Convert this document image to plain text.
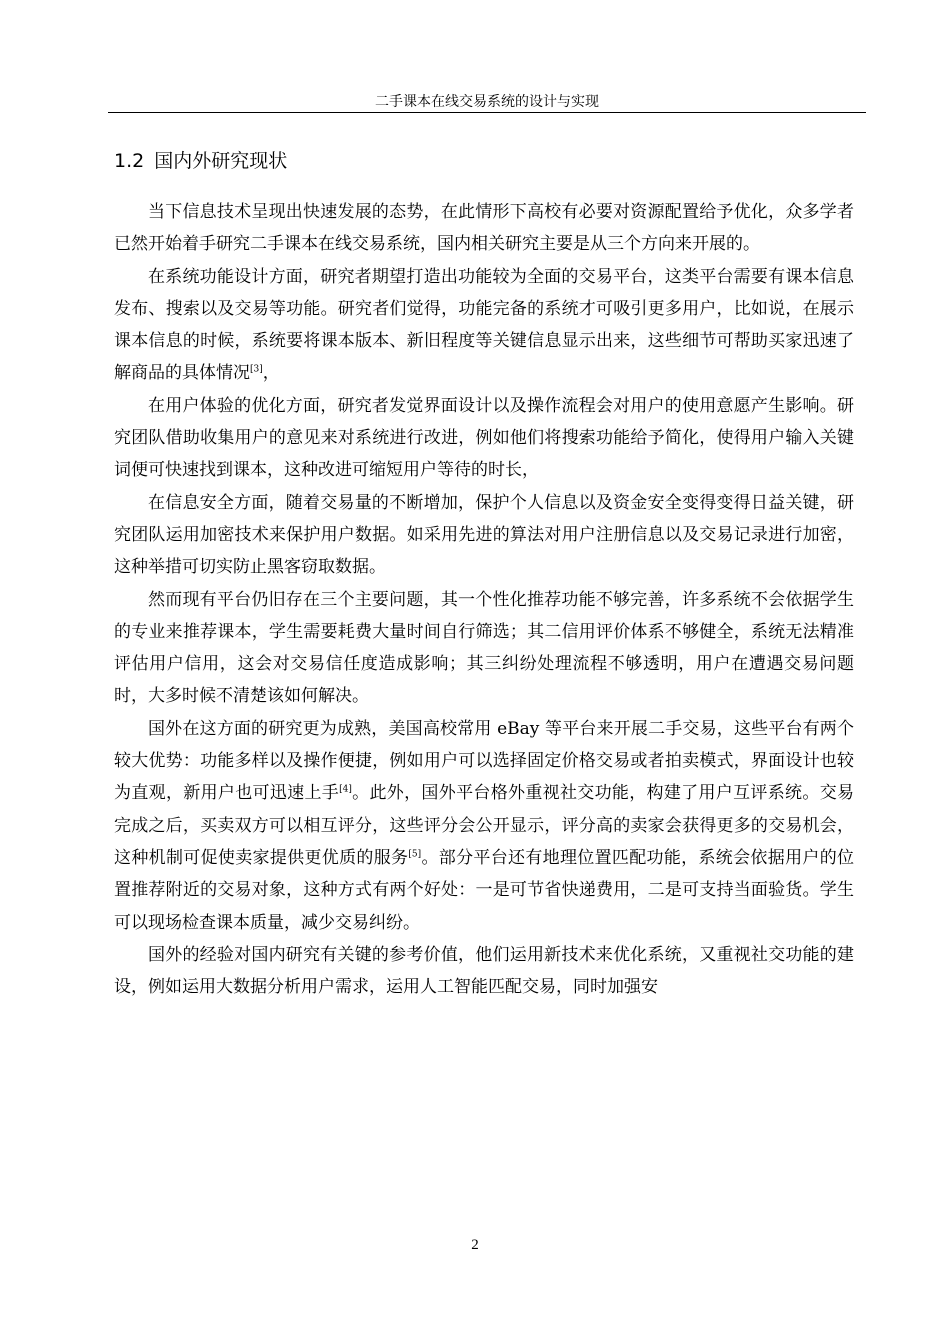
二手课本在线交易系统的设计与实现
1.2 国内外研究现状

当下信息技术呈现出快速发展的态势，在此情形下高校有必要对资源配置给予优化，众多学者已然开始着手研究二手课本在线交易系统，国内相关研究主要是从三个方向来开展的。

在系统功能设计方面，研究者期望打造出功能较为全面的交易平台，这类平台需要有课本信息发布、搜索以及交易等功能。研究者们觉得，功能完备的系统才可吸引更多用户，比如说，在展示课本信息的时候，系统要将课本版本、新旧程度等关键信息显示出来，这些细节可帮助买家迅速了解商品的具体情况[3]，

在用户体验的优化方面，研究者发觉界面设计以及操作流程会对用户的使用意愿产生影响。研究团队借助收集用户的意见来对系统进行改进，例如他们将搜索功能给予简化，使得用户输入关键词便可快速找到课本，这种改进可缩短用户等待的时长，

在信息安全方面，随着交易量的不断增加，保护个人信息以及资金安全变得变得日益关键，研究团队运用加密技术来保护用户数据。如采用先进的算法对用户注册信息以及交易记录进行加密，这种举措可切实防止黑客窃取数据。

然而现有平台仍旧存在三个主要问题，其一个性化推荐功能不够完善，许多系统不会依据学生的专业来推荐课本，学生需要耗费大量时间自行筛选；其二信用评价体系不够健全，系统无法精准评估用户信用，这会对交易信任度造成影响；其三纠纷处理流程不够透明，用户在遭遇交易问题时，大多时候不清楚该如何解决。

国外在这方面的研究更为成熟，美国高校常用 eBay 等平台来开展二手交易，这些平台有两个较大优势：功能多样以及操作便捷，例如用户可以选择固定价格交易或者拍卖模式，界面设计也较为直观，新用户也可迅速上手[4]。此外，国外平台格外重视社交功能，构建了用户互评系统。交易完成之后，买卖双方可以相互评分，这些评分会公开显示，评分高的卖家会获得更多的交易机会，这种机制可促使卖家提供更优质的服务[5]。部分平台还有地理位置匹配功能，系统会依据用户的位置推荐附近的交易对象，这种方式有两个好处：一是可节省快递费用，二是可支持当面验货。学生可以现场检查课本质量，减少交易纠纷。

国外的经验对国内研究有关键的参考价值，他们运用新技术来优化系统，又重视社交功能的建设，例如运用大数据分析用户需求，运用人工智能匹配交易，同时加强安

2
